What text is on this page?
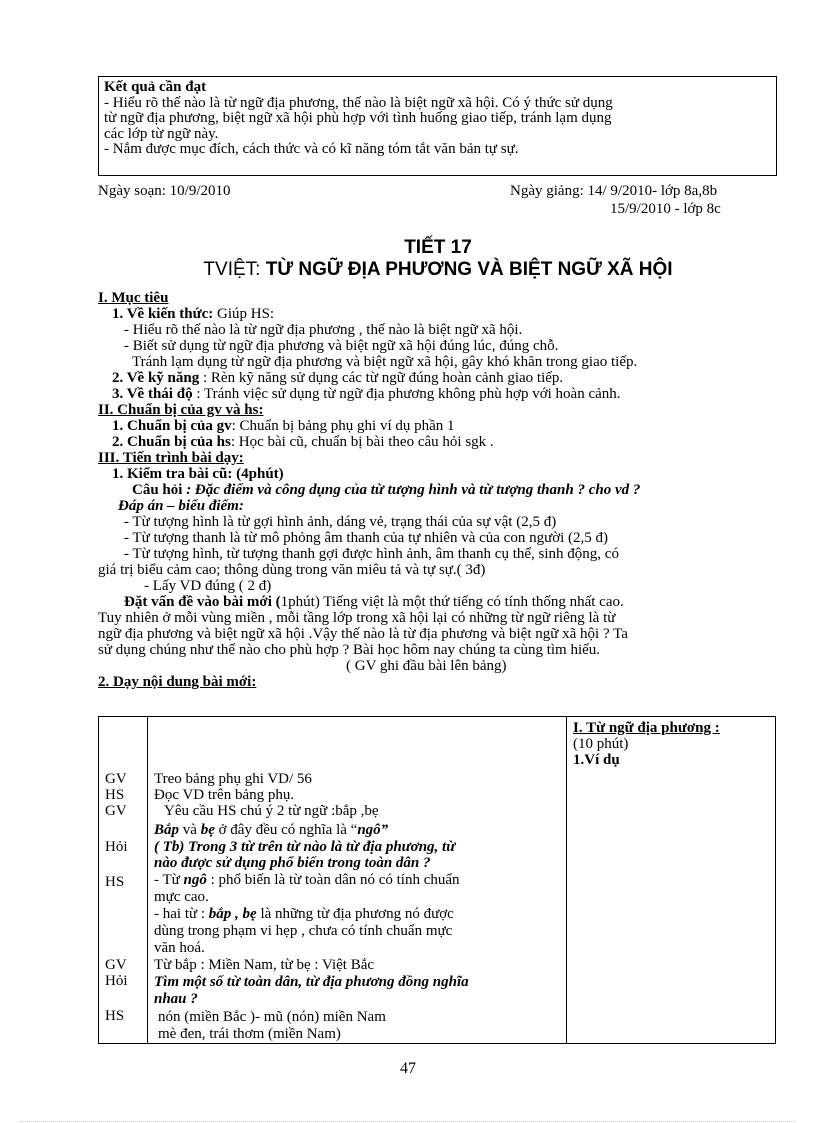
Kết quả cần đạt
- Hiểu rõ thế nào là từ ngữ địa phương, thế nào là biệt ngữ xã hội. Có ý thức sử dụng
từ ngữ địa phương, biệt ngữ xã hội phù hợp với tình huống giao tiếp, tránh lạm dụng
các lớp từ ngữ này.
- Nắm được mục đích, cách thức và có kĩ năng tóm tắt văn bản tự sự.
Ngày soạn: 10/9/2010	Ngày giảng: 14/ 9/2010- lớp 8a,8b
15/9/2010 - lớp 8c
TIẾT 17
TVIỆT: TỪ NGỮ ĐỊA PHƯƠNG VÀ BIỆT NGỮ XÃ HỘI
I. Mục tiêu
1. Về kiến thức: Giúp HS:
- Hiểu rõ thế nào là từ ngữ địa phương , thế nào là biệt ngữ xã hội.
- Biết sử dụng từ ngữ địa phương và biệt ngữ xã hội đúng lúc, đúng chỗ.
Tránh lạm dụng từ ngữ địa phương và biệt ngữ xã hội, gây khó khăn trong giao tiếp.
2. Về kỹ năng : Rèn kỹ năng sử dụng các từ ngữ đúng hoàn cảnh giao tiếp.
3. Về thái độ : Tránh việc sử dụng từ ngữ địa phương không phù hợp với hoàn cảnh.
II. Chuẩn bị của gv và hs:
1. Chuẩn bị của gv: Chuẩn bị bảng phụ ghi ví dụ phần 1
2. Chuẩn bị của hs: Học bài cũ, chuẩn bị bài theo câu hỏi sgk .
III. Tiến trình bài dạy:
1. Kiểm tra bài cũ: (4phút)
Câu hỏi : Đặc điểm và công dụng của từ tượng hình và từ tượng thanh ? cho vd ?
Đáp án – biểu điểm:
- Từ tượng hình là từ gợi hình ảnh, dáng vẻ, trạng thái của sự vật (2,5 đ)
- Từ tượng thanh là từ mô phỏng âm thanh của tự nhiên và của con người (2,5 đ)
- Từ tượng hình, từ tượng thanh gợi được hình ảnh, âm thanh cụ thể, sinh động, có
giá trị biểu cảm cao; thông dùng trong văn miêu tả và tự sự.( 3đ)
- Lấy VD đúng ( 2 đ)
Đặt vấn đề vào bài mới (1phút) Tiếng việt là một thứ tiếng có tính thống nhất cao.
Tuy nhiên ở mỗi vùng miền , mỗi tầng lớp trong xã hội lại có những từ ngữ riêng là từ
ngữ địa phương và biệt ngữ xã hội .Vậy thế nào là từ địa phương và biệt ngữ xã hội ? Ta
sử dụng chúng như thế nào cho phù hợp ? Bài học hôm nay chúng ta cùng tìm hiểu.
( GV ghi đầu bài lên bảng)
2. Dạy nội dung bài mới:
GV
HS
GV
Hỏi
HS
GV
Hỏi
HS
Treo bảng phụ ghi VD/ 56
Đọc VD trên bảng phụ.
Yêu cầu HS chú ý 2 từ ngữ :bắp ,bẹ
Bắp và bẹ ở đây đều có nghĩa là “ngô”
( Tb) Trong 3 từ trên từ nào là từ địa phương, từ
nào được sử dụng phổ biến trong toàn dân ?
- Từ ngô : phổ biến là từ toàn dân nó có tính chuẩn
mực cao.
- hai từ : bắp , bẹ là những từ địa phương nó được
dùng trong phạm vi hẹp , chưa có tính chuẩn mực
văn hoá.
Từ bắp : Miền Nam, từ bẹ : Việt Bắc
Tìm một số từ toàn dân, từ địa phương đồng nghĩa
nhau ?
nón (miền Bắc )- mũ (nón) miền Nam
mè đen, trái thơm (miền Nam)
I. Từ ngữ địa phương :
(10 phút)
1.Ví dụ
47
